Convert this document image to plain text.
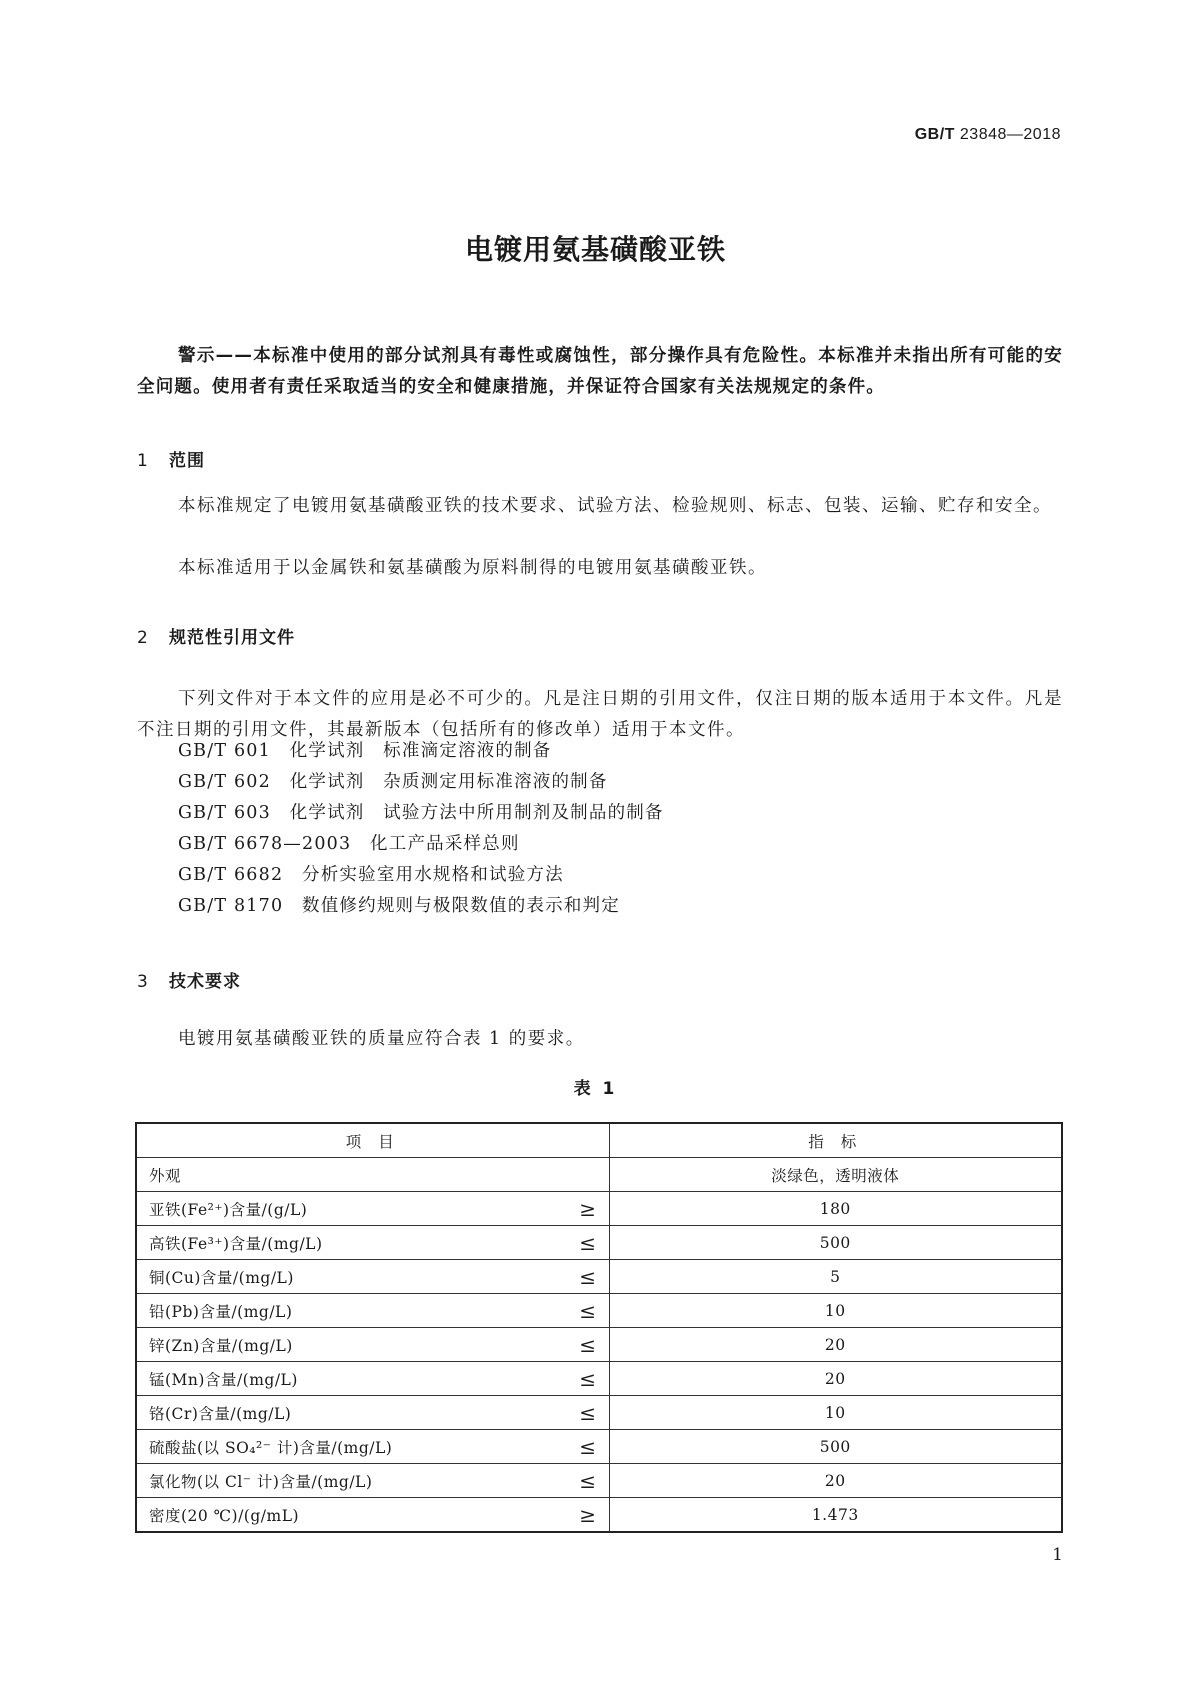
GB/T 23848—2018
电镀用氨基磺酸亚铁
警示——本标准中使用的部分试剂具有毒性或腐蚀性，部分操作具有危险性。本标准并未指出所有可能的安全问题。使用者有责任采取适当的安全和健康措施，并保证符合国家有关法规规定的条件。
1 范围
本标准规定了电镀用氨基磺酸亚铁的技术要求、试验方法、检验规则、标志、包装、运输、贮存和安全。
本标准适用于以金属铁和氨基磺酸为原料制得的电镀用氨基磺酸亚铁。
2 规范性引用文件
下列文件对于本文件的应用是必不可少的。凡是注日期的引用文件，仅注日期的版本适用于本文件。凡是不注日期的引用文件，其最新版本（包括所有的修改单）适用于本文件。
GB/T 601　 化学试剂　标准滴定溶液的制备
GB/T 602　 化学试剂　杂质测定用标准溶液的制备
GB/T 603　 化学试剂　试验方法中所用制剂及制品的制备
GB/T 6678—2003　 化工产品采样总则
GB/T 6682　 分析实验室用水规格和试验方法
GB/T 8170　 数值修约规则与极限数值的表示和判定
3 技术要求
电镀用氨基磺酸亚铁的质量应符合表 1 的要求。
表 1
项 目	指 标
外观	淡绿色，透明液体
亚铁(Fe²⁺)含量/(g/L) ≥	180
高铁(Fe³⁺)含量/(mg/L) ≤	500
铜(Cu)含量/(mg/L) ≤	5
铅(Pb)含量/(mg/L) ≤	10
锌(Zn)含量/(mg/L) ≤	20
锰(Mn)含量/(mg/L) ≤	20
铬(Cr)含量/(mg/L) ≤	10
硫酸盐(以 SO₄²⁻ 计)含量/(mg/L) ≤	500
氯化物(以 Cl⁻ 计)含量/(mg/L) ≤	20
密度(20 ℃)/(g/mL) ≥	1.473
1
